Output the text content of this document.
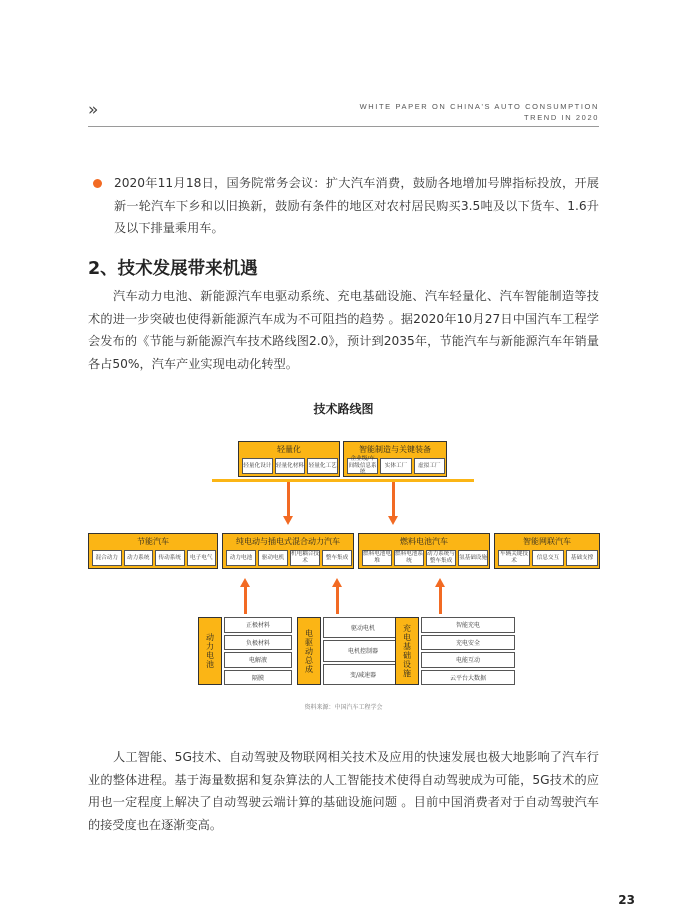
»	WHITE PAPER ON CHINA'S AUTO CONSUMPTION
TREND IN 2020
2020年11月18日，国务院常务会议：扩大汽车消费，鼓励各地增加号牌指标投放，开展新一轮汽车下乡和以旧换新，鼓励有条件的地区对农村居民购买3.5吨及以下货车、1.6升及以下排量乘用车。
2、技术发展带来机遇
汽车动力电池、新能源汽车电驱动系统、充电基础设施、汽车轻量化、汽车智能制造等技术的进一步突破也使得新能源汽车成为不可阻挡的趋势 。据2020年10月27日中国汽车工程学会发布的《节能与新能源汽车技术路线图2.0》，预计到2035年，节能汽车与新能源汽车年销量各占50%，汽车产业实现电动化转型。
技术路线图
轻量化
轻量化设计 轻量化材料 轻量化工艺
智能制造与关键装备
企业级/车间级信息系统
实体工厂	虚拟工厂
节能汽车
混合动力	动力系统	传动系统	电子电气
纯电动与插电式混合动力汽车
动力电池	驱动电机
机电耦合技术
整车集成
燃料电池汽车
燃料电池电堆
燃料电池系统
动力系统与整车集成
氢基础设施
智能网联汽车
车辆关键技术
信息交互	基础支撑
动力电池
正极材料
负极材料
电解液
隔膜
电驱动总成	驱动电机
电机控制器
变/减速器	充电基础设施	智能充电
充电安全
电能互动
云平台大数据
资料来源：中国汽车工程学会
人工智能、5G技术、自动驾驶及物联网相关技术及应用的快速发展也极大地影响了汽车行业的整体进程。基于海量数据和复杂算法的人工智能技术使得自动驾驶成为可能，5G技术的应用也一定程度上解决了自动驾驶云端计算的基础设施问题 。目前中国消费者对于自动驾驶汽车的接受度也在逐渐变高。
23
